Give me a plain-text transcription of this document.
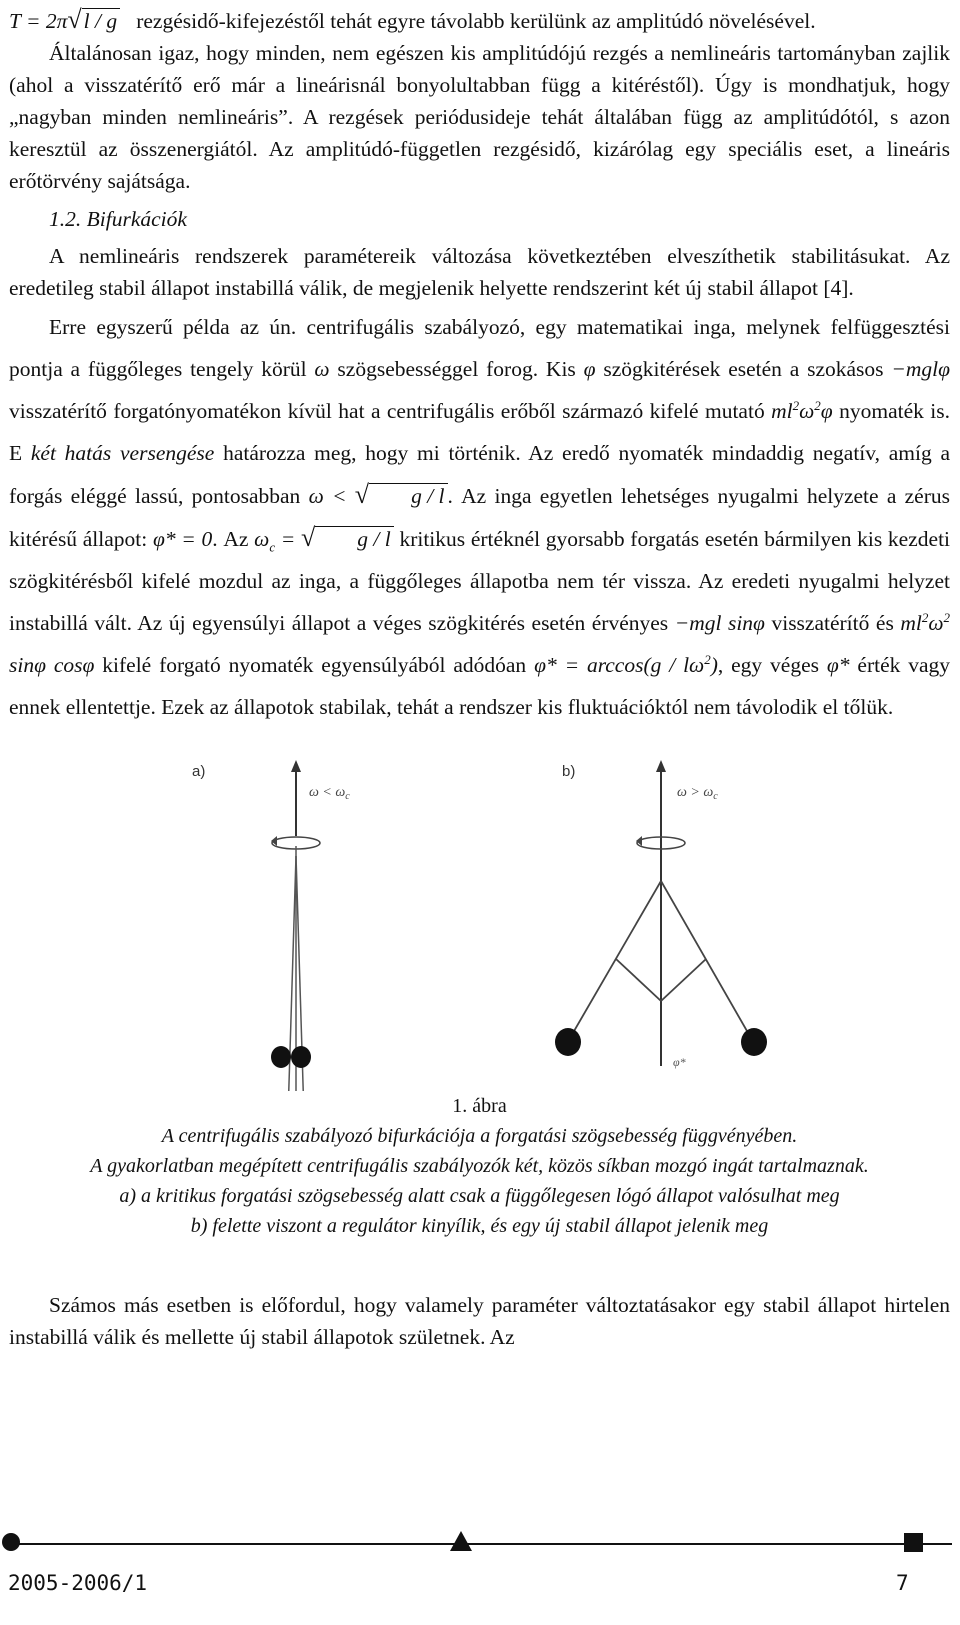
T = 2π√l / g rezgésidő-kifejezéstől tehát egyre távolabb kerülünk az amplitúdó növelésével.

Általánosan igaz, hogy minden, nem egészen kis amplitúdójú rezgés a nemlineáris tartományban zajlik (ahol a visszatérítő erő már a lineárisnál bonyolultabban függ a kitéréstől). Úgy is mondhatjuk, hogy „nagyban minden nemlineáris”. A rezgések periódusideje tehát általában függ az amplitúdótól, s azon keresztül az összenergiától. Az amplitúdó-független rezgésidő, kizárólag egy speciális eset, a lineáris erőtörvény sajátsága.

1.2. Bifurkációk

A nemlineáris rendszerek paramétereik változása következtében elveszíthetik stabilitásukat. Az eredetileg stabil állapot instabillá válik, de megjelenik helyette rendszerint két új stabil állapot [4].

Erre egyszerű példa az ún. centrifugális szabályozó, egy matematikai inga, melynek felfüggesztési pontja a függőleges tengely körül ω szögsebességgel forog. Kis φ szögkitérések esetén a szokásos −mglφ visszatérítő forgatónyomatékon kívül hat a centrifugális erőből származó kifelé mutató $ml^2\omega^2\varphi$ nyomaték is. E két hatás versengése határozza meg, hogy mi történik. Az eredő nyomaték mindaddig negatív, amíg a forgás eléggé lassú, pontosabban ω < √ g / l . Az inga egyetlen lehetséges nyugalmi helyzete a zérus kitérésű állapot: φ* = 0. Az $\omega_c$ = √ g / l kritikus értéknél gyorsabb forgatás esetén bármilyen kis kezdeti szögkitérésből kifelé mozdul az inga, a függőleges állapotba nem tér vissza. Az eredeti nyugalmi helyzet instabillá vált. Az új egyensúlyi állapot a véges szögkitérés esetén érvényes −mgl sinφ visszatérítő és $ml^2\omega^2$ sinφ cosφ kifelé forgató nyomaték egyensúlyából adódóan $\varphi* = \arccos(g / l\omega^2)$, egy véges φ* érték vagy ennek ellentettje. Ezek az állapotok stabilak, tehát a rendszer kis fluktuációktól nem távolodik el tőlük.

a)
$\omega < \omega_c$
b)
$\omega > \omega_c$
φ*
1. ábra
A centrifugális szabályozó bifurkációja a forgatási szögsebesség függvényében.
A gyakorlatban megépített centrifugális szabályozók két, közös síkban mozgó ingát tartalmaznak.
a) a kritikus forgatási szögsebesség alatt csak a függőlegesen lógó állapot valósulhat meg
b) felette viszont a regulátor kinyílik, és egy új stabil állapot jelenik meg

Számos más esetben is előfordul, hogy valamely paraméter változtatásakor egy stabil állapot hirtelen instabillá válik és mellette új stabil állapotok születnek. Az

2005-2006/1	7
